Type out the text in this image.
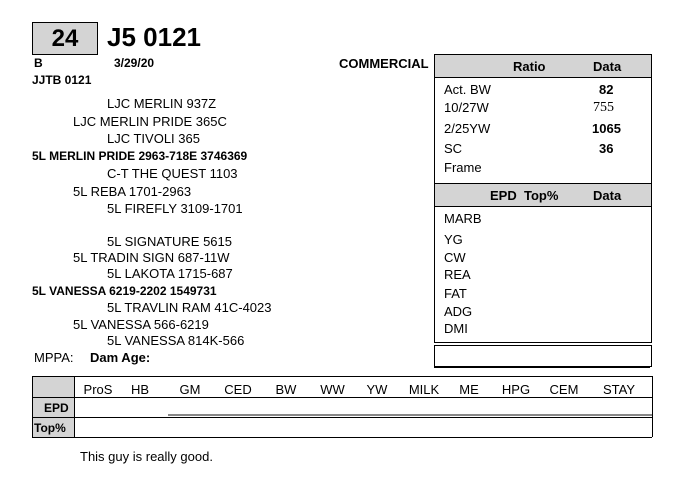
24 J5 0121
B	3/29/20	COMMERCIAL
JJTB 0121
LJC MERLIN 937Z
LJC MERLIN PRIDE 365C
LJC TIVOLI 365
5L MERLIN PRIDE 2963-718E 3746369
C-T THE QUEST 1103
5L REBA 1701-2963
5L FIREFLY 3109-1701
5L SIGNATURE 5615
5L TRADIN SIGN 687-11W
5L LAKOTA 1715-687
5L VANESSA 6219-2202 1549731
5L TRAVLIN RAM 41C-4023
5L VANESSA 566-6219
5L VANESSA 814K-566
MPPA: Dam Age:
Ratio	Data
Act. BW	82
10/27W	755
2/25YW	1065
SC	36
Frame
EPD Top%	Data
MARB
YG
CW
REA
FAT
ADG
DMI
ProS	HB	GM	CED	BW	WW	YW	MILK	ME	HPG	CEM	STAY
EPD
Top%
This guy is really good.
